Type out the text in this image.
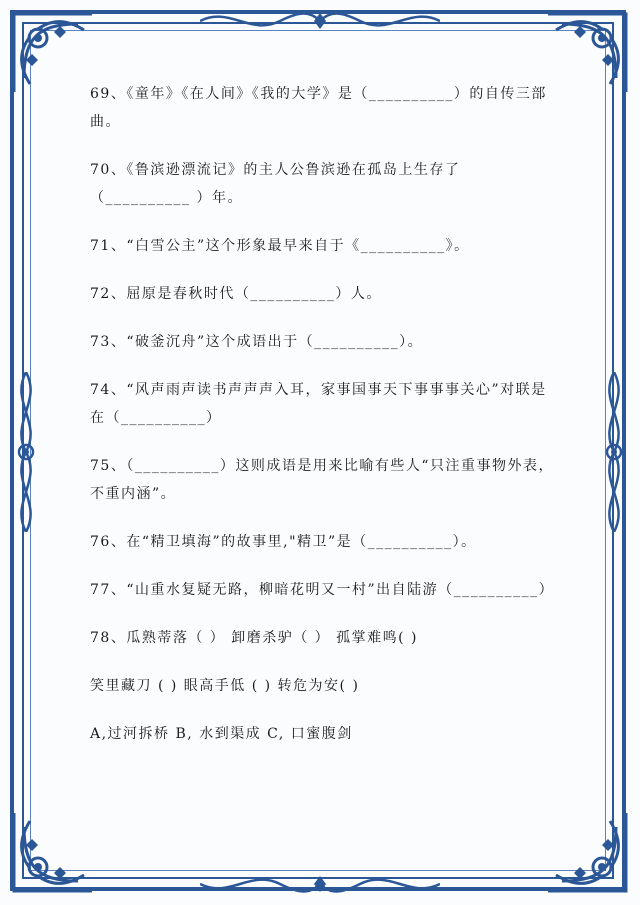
69、《童年》《在人间》《我的大学》是（__________）的自传三部曲。

70、《鲁滨逊漂流记》的主人公鲁滨逊在孤岛上生存了（__________ ）年。

71、“白雪公主”这个形象最早来自于《__________》。

72、屈原是春秋时代（__________）人。

73、“破釜沉舟”这个成语出于（__________）。

74、“风声雨声读书声声声入耳，家事国事天下事事事关心”对联是在（__________）

75、（__________）这则成语是用来比喻有些人“只注重事物外表，不重内涵”。

76、在“精卫填海”的故事里,"精卫”是（__________）。

77、“山重水复疑无路，柳暗花明又一村”出自陆游（__________）

78、瓜熟蒂落（ ） 卸磨杀驴（ ） 孤掌难鸣( )

笑里藏刀 ( ) 眼高手低 ( ) 转危为安( )

A,过河拆桥 B, 水到渠成 C, 口蜜腹剑
